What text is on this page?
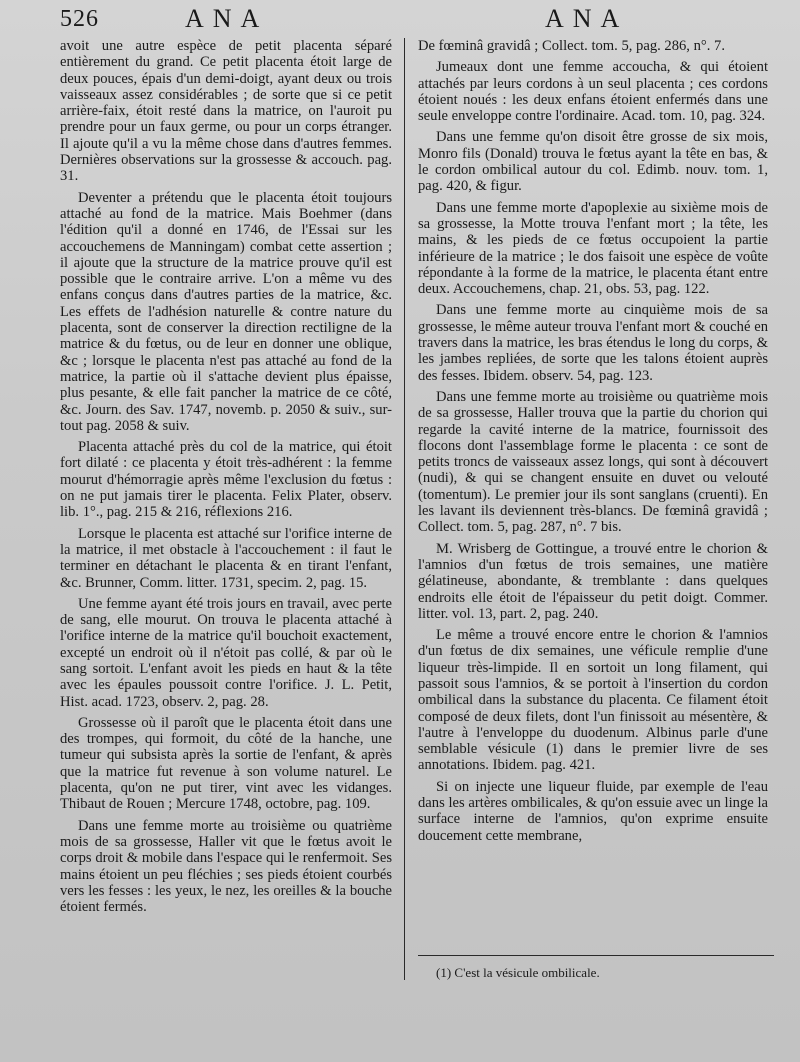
526	ANA	ANA

avoit une autre espèce de petit placenta séparé entièrement du grand. Ce petit placenta étoit large de deux pouces, épais d'un demi-doigt, ayant deux ou trois vaisseaux assez considérables ; de sorte que si ce petit arrière-faix, étoit resté dans la matrice, on l'auroit pu prendre pour un faux germe, ou pour un corps étranger. Il ajoute qu'il a vu la même chose dans d'autres femmes. Dernières observations sur la grossesse & accouch. pag. 31.

Deventer a prétendu que le placenta étoit toujours attaché au fond de la matrice. Mais Boehmer (dans l'édition qu'il a donné en 1746, de l'Essai sur les accouchemens de Manningam) combat cette assertion ; il ajoute que la structure de la matrice prouve qu'il est possible que le contraire arrive. L'on a même vu des enfans conçus dans d'autres parties de la matrice, &c. Les effets de l'adhésion naturelle & contre nature du placenta, sont de conserver la direction rectiligne de la matrice & du fœtus, ou de leur en donner une oblique, &c ; lorsque le placenta n'est pas attaché au fond de la matrice, la partie où il s'attache devient plus épaisse, plus pesante, & elle fait pancher la matrice de ce côté, &c. Journ. des Sav. 1747, novemb. p. 2050 & suiv., sur-tout pag. 2058 & suiv.

Placenta attaché près du col de la matrice, qui étoit fort dilaté : ce placenta y étoit très-adhérent : la femme mourut d'hémorragie après même l'exclusion du fœtus : on ne put jamais tirer le placenta. Felix Plater, observ. lib. 1°., pag. 215 & 216, réflexions 216.

Lorsque le placenta est attaché sur l'orifice interne de la matrice, il met obstacle à l'accouchement : il faut le terminer en détachant le placenta & en tirant l'enfant, &c. Brunner, Comm. litter. 1731, specim. 2, pag. 15.

Une femme ayant été trois jours en travail, avec perte de sang, elle mourut. On trouva le placenta attaché à l'orifice interne de la matrice qu'il bouchoit exactement, excepté un endroit où il n'étoit pas collé, & par où le sang sortoit. L'enfant avoit les pieds en haut & la tête avec les épaules poussoit contre l'orifice. J. L. Petit, Hist. acad. 1723, observ. 2, pag. 28.

Grossesse où il paroît que le placenta étoit dans une des trompes, qui formoit, du côté de la hanche, une tumeur qui subsista après la sortie de l'enfant, & après que la matrice fut revenue à son volume naturel. Le placenta, qu'on ne put tirer, vint avec les vidanges. Thibaut de Rouen ; Mercure 1748, octobre, pag. 109.

Dans une femme morte au troisième ou quatrième mois de sa grossesse, Haller vit que le fœtus avoit le corps droit & mobile dans l'espace qui le renfermoit. Ses mains étoient un peu fléchies ; ses pieds étoient courbés vers les fesses : les yeux, le nez, les oreilles & la bouche étoient fermés.

De fœminâ gravidâ ; Collect. tom. 5, pag. 286, n°. 7.

Jumeaux dont une femme accoucha, & qui étoient attachés par leurs cordons à un seul placenta ; ces cordons étoient noués : les deux enfans étoient enfermés dans une seule enveloppe contre l'ordinaire. Acad. tom. 10, pag. 324.

Dans une femme qu'on disoit être grosse de six mois, Monro fils (Donald) trouva le fœtus ayant la tête en bas, & le cordon ombilical autour du col. Edimb. nouv. tom. 1, pag. 420, & figur.

Dans une femme morte d'apoplexie au sixième mois de sa grossesse, la Motte trouva l'enfant mort ; la tête, les mains, & les pieds de ce fœtus occupoient la partie inférieure de la matrice ; le dos faisoit une espèce de voûte répondante à la forme de la matrice, le placenta étant entre deux. Accouchemens, chap. 21, obs. 53, pag. 122.

Dans une femme morte au cinquième mois de sa grossesse, le même auteur trouva l'enfant mort & couché en travers dans la matrice, les bras étendus le long du corps, & les jambes repliées, de sorte que les talons étoient auprès des fesses. Ibidem. observ. 54, pag. 123.

Dans une femme morte au troisième ou quatrième mois de sa grossesse, Haller trouva que la partie du chorion qui regarde la cavité interne de la matrice, fournissoit des flocons dont l'assemblage forme le placenta : ce sont de petits troncs de vaisseaux assez longs, qui sont à découvert (nudi), & qui se changent ensuite en duvet ou velouté (tomentum). Le premier jour ils sont sanglans (cruenti). En les lavant ils deviennent très-blancs. De fœminâ gravidâ ; Collect. tom. 5, pag. 287, n°. 7 bis.

M. Wrisberg de Gottingue, a trouvé entre le chorion & l'amnios d'un fœtus de trois semaines, une matière gélatineuse, abondante, & tremblante : dans quelques endroits elle étoit de l'épaisseur du petit doigt. Commer. litter. vol. 13, part. 2, pag. 240.

Le même a trouvé encore entre le chorion & l'amnios d'un fœtus de dix semaines, une véficule remplie d'une liqueur très-limpide. Il en sortoit un long filament, qui passoit sous l'amnios, & se portoit à l'insertion du cordon ombilical dans la substance du placenta. Ce filament étoit composé de deux filets, dont l'un finissoit au mésentère, & l'autre à l'enveloppe du duodenum. Albinus parle d'une semblable vésicule (1) dans le premier livre de ses annotations. Ibidem. pag. 421.

Si on injecte une liqueur fluide, par exemple de l'eau dans les artères ombilicales, & qu'on essuie avec un linge la surface interne de l'amnios, qu'on exprime ensuite doucement cette membrane,

(1) C'est la vésicule ombilicale.
